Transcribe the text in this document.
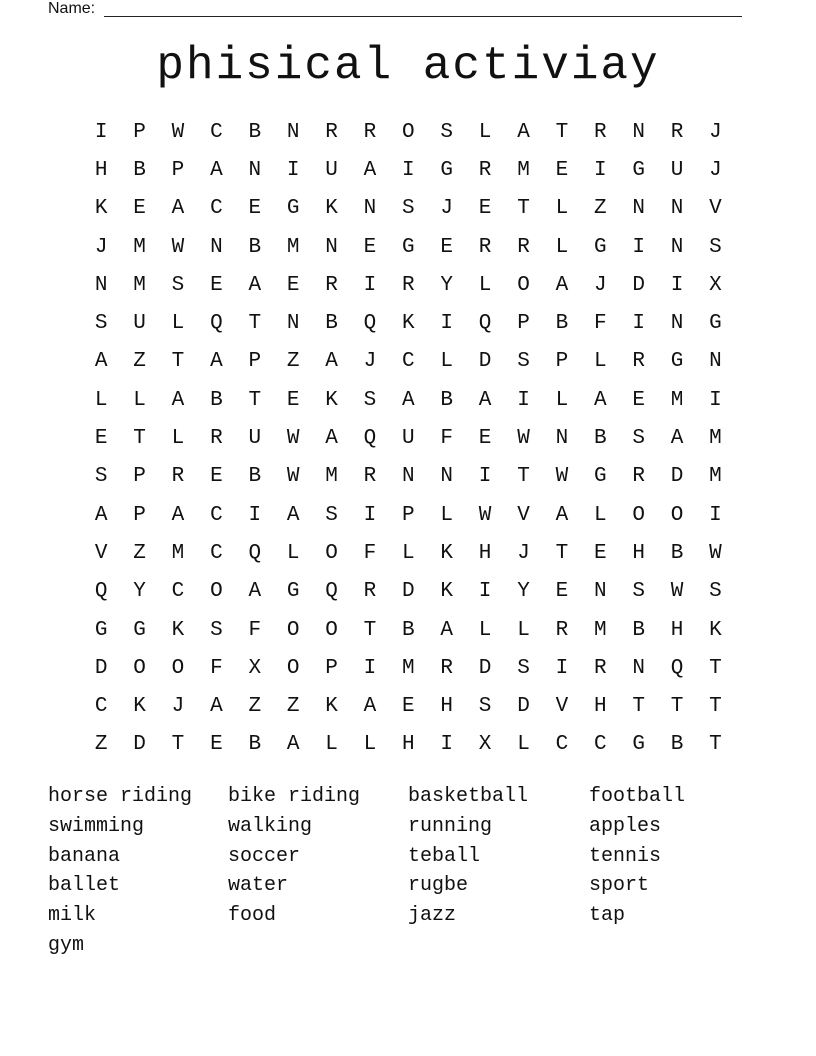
Name:
phisical activiay
I	P	W	C	B	N	R	R	O	S	L	A	T	R	N	R	J
H	B	P	A	N	I	U	A	I	G	R	M	E	I	G	U	J
K	E	A	C	E	G	K	N	S	J	E	T	L	Z	N	N	V
J	M	W	N	B	M	N	E	G	E	R	R	L	G	I	N	S
N	M	S	E	A	E	R	I	R	Y	L	O	A	J	D	I	X
S	U	L	Q	T	N	B	Q	K	I	Q	P	B	F	I	N	G
A	Z	T	A	P	Z	A	J	C	L	D	S	P	L	R	G	N
L	L	A	B	T	E	K	S	A	B	A	I	L	A	E	M	I
E	T	L	R	U	W	A	Q	U	F	E	W	N	B	S	A	M
S	P	R	E	B	W	M	R	N	N	I	T	W	G	R	D	M
A	P	A	C	I	A	S	I	P	L	W	V	A	L	O	O	I
V	Z	M	C	Q	L	O	F	L	K	H	J	T	E	H	B	W
Q	Y	C	O	A	G	Q	R	D	K	I	Y	E	N	S	W	S
G	G	K	S	F	O	O	T	B	A	L	L	R	M	B	H	K
D	O	O	F	X	O	P	I	M	R	D	S	I	R	N	Q	T
C	K	J	A	Z	Z	K	A	E	H	S	D	V	H	T	T	T
Z	D	T	E	B	A	L	L	H	I	X	L	C	C	G	B	T
horse riding	bike riding	basketball	football
swimming	walking	running	apples
banana	soccer	teball	tennis
ballet	water	rugbe	sport
milk	food	jazz	tap
gym
